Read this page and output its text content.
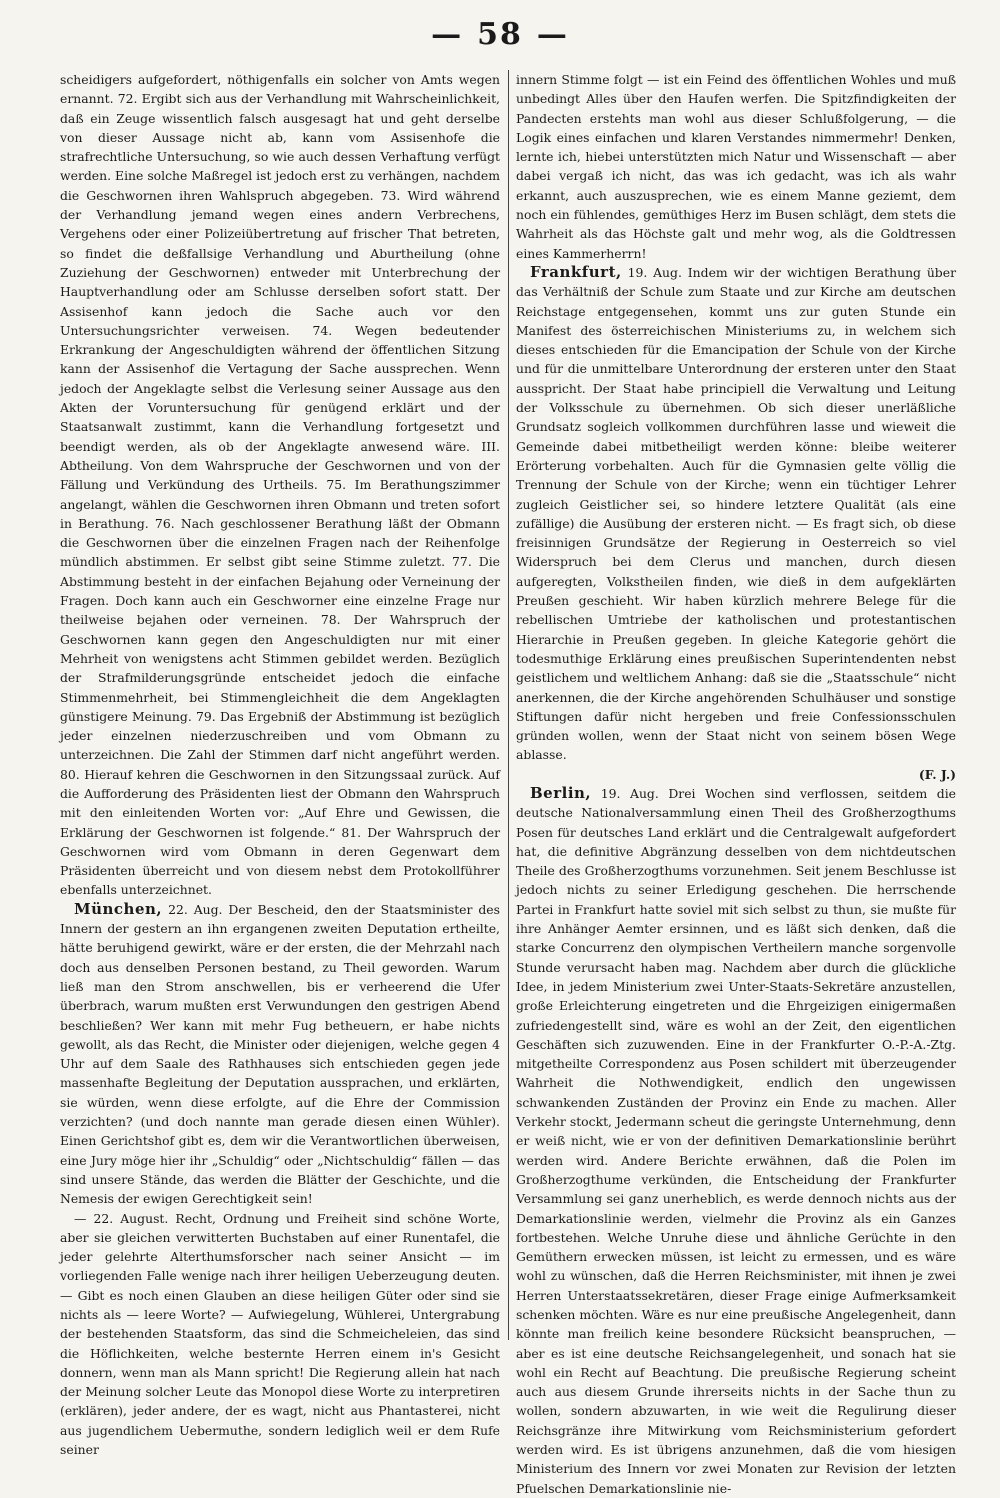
— 58 —

scheidigers aufgefordert, nöthigenfalls ein solcher von Amts wegen ernannt. 72. Ergibt sich aus der Verhandlung mit Wahrscheinlichkeit, daß ein Zeuge wissentlich falsch ausgesagt hat und geht derselbe von dieser Aussage nicht ab, kann vom Assisenhofe die strafrechtliche Untersuchung, so wie auch dessen Verhaftung verfügt werden. Eine solche Maßregel ist jedoch erst zu verhängen, nachdem die Geschwornen ihren Wahlspruch abgegeben. 73. Wird während der Verhandlung jemand wegen eines andern Verbrechens, Vergehens oder einer Polizeiübertretung auf frischer That betreten, so findet die deßfallsige Verhandlung und Aburtheilung (ohne Zuziehung der Geschwornen) entweder mit Unterbrechung der Hauptverhandlung oder am Schlusse derselben sofort statt. Der Assisenhof kann jedoch die Sache auch vor den Untersuchungsrichter verweisen. 74. Wegen bedeutender Erkrankung der Angeschuldigten während der öffentlichen Sitzung kann der Assisenhof die Vertagung der Sache aussprechen. Wenn jedoch der Angeklagte selbst die Verlesung seiner Aussage aus den Akten der Voruntersuchung für genügend erklärt und der Staatsanwalt zustimmt, kann die Verhandlung fortgesetzt und beendigt werden, als ob der Angeklagte anwesend wäre. III. Abtheilung. Von dem Wahrspruche der Geschwornen und von der Fällung und Verkündung des Urtheils. 75. Im Berathungszimmer angelangt, wählen die Geschwornen ihren Obmann und treten sofort in Berathung. 76. Nach geschlossener Berathung läßt der Obmann die Geschwornen über die einzelnen Fragen nach der Reihenfolge mündlich abstimmen. Er selbst gibt seine Stimme zuletzt. 77. Die Abstimmung besteht in der einfachen Bejahung oder Verneinung der Fragen. Doch kann auch ein Geschworner eine einzelne Frage nur theilweise bejahen oder verneinen. 78. Der Wahrspruch der Geschwornen kann gegen den Angeschuldigten nur mit einer Mehrheit von wenigstens acht Stimmen gebildet werden. Bezüglich der Strafmilderungsgründe entscheidet jedoch die einfache Stimmenmehrheit, bei Stimmengleichheit die dem Angeklagten günstigere Meinung. 79. Das Ergebniß der Abstimmung ist bezüglich jeder einzelnen niederzuschreiben und vom Obmann zu unterzeichnen. Die Zahl der Stimmen darf nicht angeführt werden. 80. Hierauf kehren die Geschwornen in den Sitzungssaal zurück. Auf die Aufforderung des Präsidenten liest der Obmann den Wahrspruch mit den einleitenden Worten vor: „Auf Ehre und Gewissen, die Erklärung der Geschwornen ist folgende.“ 81. Der Wahrspruch der Geschwornen wird vom Obmann in deren Gegenwart dem Präsidenten überreicht und von diesem nebst dem Protokollführer ebenfalls unterzeichnet.

München, 22. Aug. Der Bescheid, den der Staatsminister des Innern der gestern an ihn ergangenen zweiten Deputation ertheilte, hätte beruhigend gewirkt, wäre er der ersten, die der Mehrzahl nach doch aus denselben Personen bestand, zu Theil geworden. Warum ließ man den Strom anschwellen, bis er verheerend die Ufer überbrach, warum mußten erst Verwundungen den gestrigen Abend beschließen? Wer kann mit mehr Fug betheuern, er habe nichts gewollt, als das Recht, die Minister oder diejenigen, welche gegen 4 Uhr auf dem Saale des Rathhauses sich entschieden gegen jede massenhafte Begleitung der Deputation aussprachen, und erklärten, sie würden, wenn diese erfolgte, auf die Ehre der Commission verzichten? (und doch nannte man gerade diesen einen Wühler). Einen Gerichtshof gibt es, dem wir die Verantwortlichen überweisen, eine Jury möge hier ihr „Schuldig“ oder „Nichtschuldig“ fällen — das sind unsere Stände, das werden die Blätter der Geschichte, und die Nemesis der ewigen Gerechtigkeit sein!

— 22. August. Recht, Ordnung und Freiheit sind schöne Worte, aber sie gleichen verwitterten Buchstaben auf einer Runentafel, die jeder gelehrte Alterthumsforscher nach seiner Ansicht — im vorliegenden Falle wenige nach ihrer heiligen Ueberzeugung deuten. — Gibt es noch einen Glauben an diese heiligen Güter oder sind sie nichts als — leere Worte? — Aufwiegelung, Wühlerei, Untergrabung der bestehenden Staatsform, das sind die Schmeicheleien, das sind die Höflichkeiten, welche besternte Herren einem in's Gesicht donnern, wenn man als Mann spricht! Die Regierung allein hat nach der Meinung solcher Leute das Monopol diese Worte zu interpretiren (erklären), jeder andere, der es wagt, nicht aus Phantasterei, nicht aus jugendlichem Uebermuthe, sondern lediglich weil er dem Rufe seiner

innern Stimme folgt — ist ein Feind des öffentlichen Wohles und muß unbedingt Alles über den Haufen werfen. Die Spitzfindigkeiten der Pandecten erstehts man wohl aus dieser Schlußfolgerung, — die Logik eines einfachen und klaren Verstandes nimmermehr! Denken, lernte ich, hiebei unterstützten mich Natur und Wissenschaft — aber dabei vergaß ich nicht, das was ich gedacht, was ich als wahr erkannt, auch auszusprechen, wie es einem Manne geziemt, dem noch ein fühlendes, gemüthiges Herz im Busen schlägt, dem stets die Wahrheit als das Höchste galt und mehr wog, als die Goldtressen eines Kammerherrn!

Frankfurt, 19. Aug. Indem wir der wichtigen Berathung über das Verhältniß der Schule zum Staate und zur Kirche am deutschen Reichstage entgegensehen, kommt uns zur guten Stunde ein Manifest des österreichischen Ministeriums zu, in welchem sich dieses entschieden für die Emancipation der Schule von der Kirche und für die unmittelbare Unterordnung der ersteren unter den Staat ausspricht. Der Staat habe principiell die Verwaltung und Leitung der Volksschule zu übernehmen. Ob sich dieser unerläßliche Grundsatz sogleich vollkommen durchführen lasse und wieweit die Gemeinde dabei mitbetheiligt werden könne: bleibe weiterer Erörterung vorbehalten. Auch für die Gymnasien gelte völlig die Trennung der Schule von der Kirche; wenn ein tüchtiger Lehrer zugleich Geistlicher sei, so hindere letztere Qualität (als eine zufällige) die Ausübung der ersteren nicht. — Es fragt sich, ob diese freisinnigen Grundsätze der Regierung in Oesterreich so viel Widerspruch bei dem Clerus und manchen, durch diesen aufgeregten, Volkstheilen finden, wie dieß in dem aufgeklärten Preußen geschieht. Wir haben kürzlich mehrere Belege für die rebellischen Umtriebe der katholischen und protestantischen Hierarchie in Preußen gegeben. In gleiche Kategorie gehört die todesmuthige Erklärung eines preußischen Superintendenten nebst geistlichem und weltlichem Anhang: daß sie die „Staatsschule“ nicht anerkennen, die der Kirche angehörenden Schulhäuser und sonstige Stiftungen dafür nicht hergeben und freie Confessionsschulen gründen wollen, wenn der Staat nicht von seinem bösen Wege ablasse.
(F. J.)

Berlin, 19. Aug. Drei Wochen sind verflossen, seitdem die deutsche Nationalversammlung einen Theil des Großherzogthums Posen für deutsches Land erklärt und die Centralgewalt aufgefordert hat, die definitive Abgränzung desselben von dem nichtdeutschen Theile des Großherzogthums vorzunehmen. Seit jenem Beschlusse ist jedoch nichts zu seiner Erledigung geschehen. Die herrschende Partei in Frankfurt hatte soviel mit sich selbst zu thun, sie mußte für ihre Anhänger Aemter ersinnen, und es läßt sich denken, daß die starke Concurrenz den olympischen Vertheilern manche sorgenvolle Stunde verursacht haben mag. Nachdem aber durch die glückliche Idee, in jedem Ministerium zwei Unter-Staats-Sekretäre anzustellen, große Erleichterung eingetreten und die Ehrgeizigen einigermaßen zufriedengestellt sind, wäre es wohl an der Zeit, den eigentlichen Geschäften sich zuzuwenden. Eine in der Frankfurter O.-P.-A.-Ztg. mitgetheilte Correspondenz aus Posen schildert mit überzeugender Wahrheit die Nothwendigkeit, endlich den ungewissen schwankenden Zuständen der Provinz ein Ende zu machen. Aller Verkehr stockt, Jedermann scheut die geringste Unternehmung, denn er weiß nicht, wie er von der definitiven Demarkationslinie berührt werden wird. Andere Berichte erwähnen, daß die Polen im Großherzogthume verkünden, die Entscheidung der Frankfurter Versammlung sei ganz unerheblich, es werde dennoch nichts aus der Demarkationslinie werden, vielmehr die Provinz als ein Ganzes fortbestehen. Welche Unruhe diese und ähnliche Gerüchte in den Gemüthern erwecken müssen, ist leicht zu ermessen, und es wäre wohl zu wünschen, daß die Herren Reichsminister, mit ihnen je zwei Herren Unterstaatssekretären, dieser Frage einige Aufmerksamkeit schenken möchten. Wäre es nur eine preußische Angelegenheit, dann könnte man freilich keine besondere Rücksicht beanspruchen, — aber es ist eine deutsche Reichsangelegenheit, und sonach hat sie wohl ein Recht auf Beachtung. Die preußische Regierung scheint auch aus diesem Grunde ihrerseits nichts in der Sache thun zu wollen, sondern abzuwarten, in wie weit die Regulirung dieser Reichsgränze ihre Mitwirkung vom Reichsministerium gefordert werden wird. Es ist übrigens anzunehmen, daß die vom hiesigen Ministerium des Innern vor zwei Monaten zur Revision der letzten Pfuelschen Demarkationslinie nie-
